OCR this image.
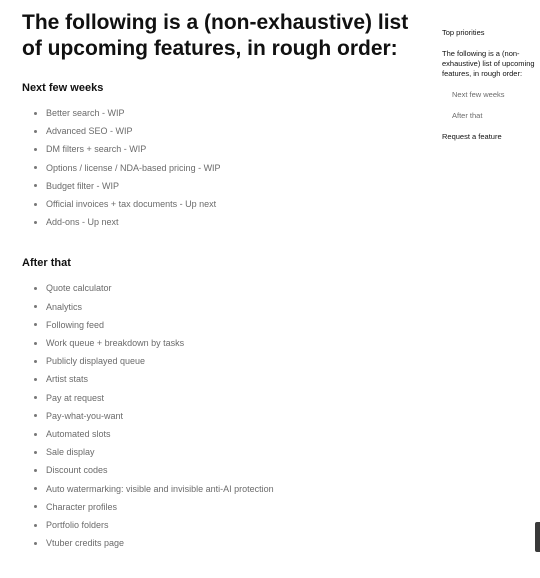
The following is a (non-exhaustive) list of upcoming features, in rough order:
Next few weeks
Better search - WIP
Advanced SEO - WIP
DM filters + search - WIP
Options / license / NDA-based pricing - WIP
Budget filter - WIP
Official invoices + tax documents - Up next
Add-ons - Up next
After that
Quote calculator
Analytics
Following feed
Work queue + breakdown by tasks
Publicly displayed queue
Artist stats
Pay at request
Pay-what-you-want
Automated slots
Sale display
Discount codes
Auto watermarking: visible and invisible anti-AI protection
Character profiles
Portfolio folders
Vtuber credits page
Top priorities
The following is a (non-exhaustive) list of upcoming features, in rough order:
Next few weeks
After that
Request a feature
